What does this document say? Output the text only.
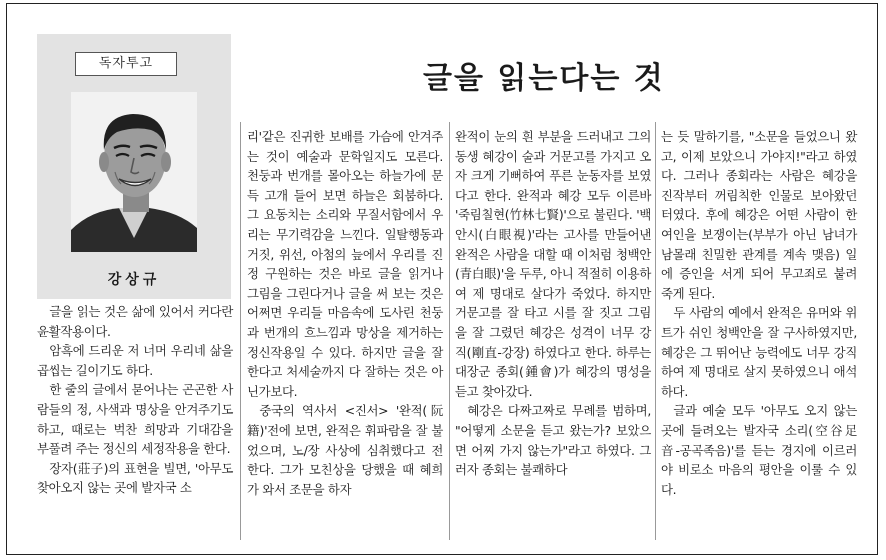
독자투고
강상규
글을 읽는다는 것

글을 읽는 것은 삶에 있어서 커다란 윤활작용이다.

암흑에 드리운 저 너머 우리네 삶을 곱씹는 길이기도 하다.

한 줄의 글에서 묻어나는 곤곤한 사람들의 정, 사색과 명상을 안겨주기도 하고, 때로는 벅찬 희망과 기대감을 부풀려 주는 정신의 세정작용을 한다.

장자(莊子)의 표현을 빌면, '아무도 찾아오지 않는 곳에 발자국 소

리'같은 진귀한 보배를 가슴에 안겨주는 것이 예술과 문학일지도 모른다. 천둥과 번개를 몰아오는 하늘가에 문득 고개 들어 보면 하늘은 회붐하다. 그 요동치는 소리와 무질서함에서 우리는 무기력감을 느낀다. 일탈행동과 거짓, 위선, 아첨의 늪에서 우리를 진정 구원하는 것은 바로 글을 읽거나 그림을 그린다거나 글을 써 보는 것은 어쩌면 우리들 마음속에 도사린 천둥과 번개의 흐느낌과 망상을 제거하는 정신작용일 수 있다. 하지만 글을 잘한다고 처세술까지 다 잘하는 것은 아닌가보다.

중국의 역사서 <진서> '완적(阮籍)'전에 보면, 완적은 휘파람을 잘 불었으며, 노/장 사상에 심취했다고 전한다. 그가 모친상을 당했을 때 혜희가 와서 조문을 하자

완적이 눈의 흰 부분을 드러내고 그의 동생 혜강이 술과 거문고를 가지고 오자 크게 기뻐하여 푸른 눈동자를 보였다고 한다. 완적과 혜강 모두 이른바 '죽림칠현(竹林七賢)'으로 불린다. '백안시(白眼視)'라는 고사를 만들어낸 완적은 사람을 대할 때 이처럼 청백안(青白眼)'을 두루, 아니 적절히 이용하여 제 명대로 살다가 죽었다. 하지만 거문고를 잘 타고 시를 잘 짓고 그림을 잘 그렸던 혜강은 성격이 너무 강직(剛直-강장) 하였다고 한다. 하루는 대장군 종회(鍾會)가 혜강의 명성을 듣고 찾아갔다.

혜강은 다짜고짜로 무례를 범하며, "어떻게 소문을 듣고 왔는가? 보았으면 어찌 가지 않는가"라고 하였다. 그러자 종회는 불쾌하다

는 듯 말하기를, "소문을 들었으니 왔고, 이제 보았으니 가야지!"라고 하였다. 그러나 종회라는 사람은 혜강을 진작부터 꺼림칙한 인물로 보아왔던 터였다. 후에 혜강은 어떤 사람이 한 여인을 보쟁이는(부부가 아닌 남녀가 남몰래 친밀한 관계를 계속 맺음) 일에 증인을 서게 되어 무고죄로 붙려 죽게 된다.

두 사람의 예에서 완적은 유머와 위트가 쉬인 청백안을 잘 구사하였지만, 혜강은 그 뛰어난 능력에도 너무 강직하여 제 명대로 살지 못하였으니 애석하다.

글과 예술 모두 '아무도 오지 않는 곳에 들려오는 발자국 소리(空谷足音-공곡족음)'를 듣는 경지에 이르러야 비로소 마음의 평안을 이룰 수 있다.
